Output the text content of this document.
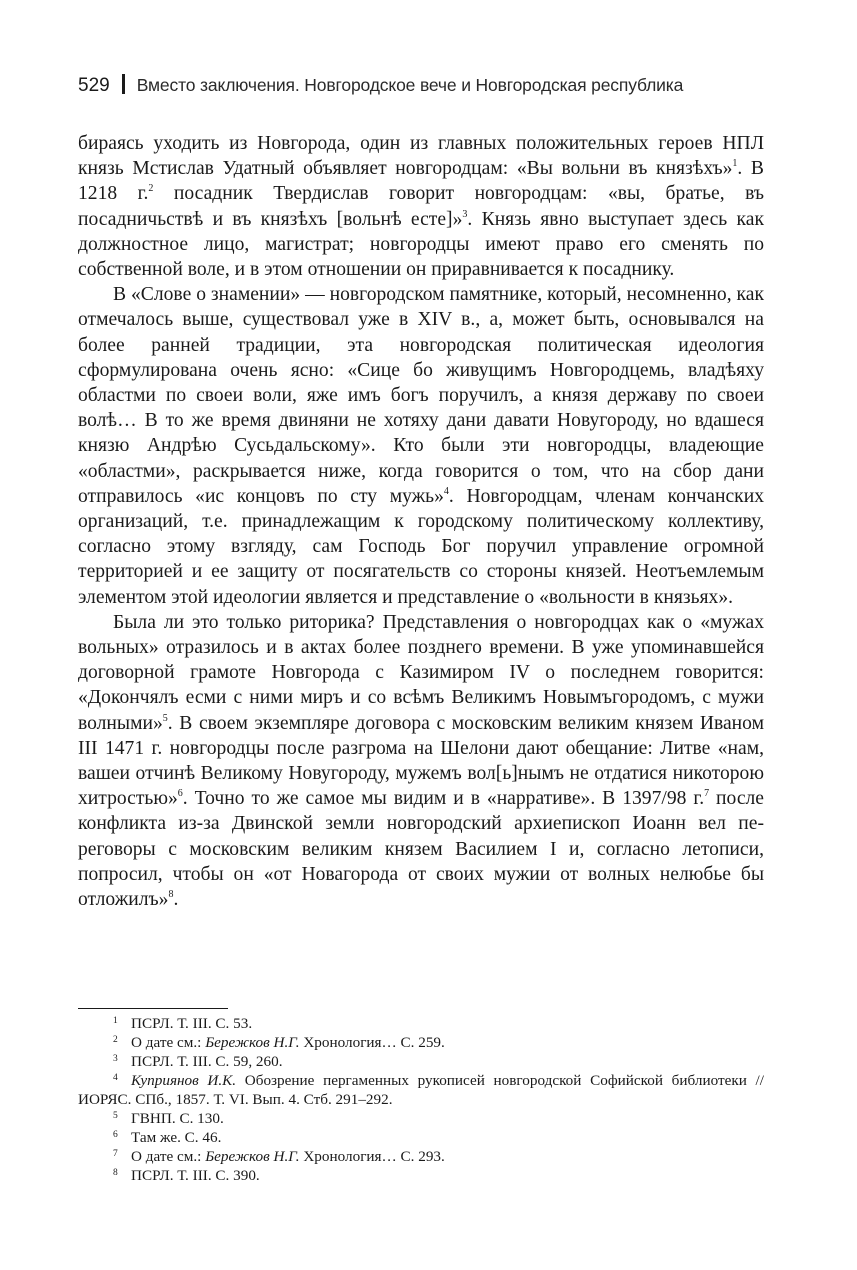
529 Вместо заключения. Новгородское вече и Новгородская республика

бираясь уходить из Новгорода, один из главных положительных героев НПЛ князь Мстислав Удатный объявляет новгородцам: «Вы вольни въ князѣхъ»$^1$. В 1218 г.$^2$ посадник Твердислав говорит новгородцам: «вы, братье, въ посадничьствѣ и въ князѣхъ [вольнѣ есте]»$^3$. Князь явно выступает здесь как должностное лицо, магистрат; новгородцы имеют право его сменять по собственной воле, и в этом отношении он приравнивается к посаднику.

В «Слове о знамении» — новгородском памятнике, который, несомненно, как отмечалось выше, существовал уже в XIV в., а, может быть, основывался на более ранней традиции, эта новгородская политическая идеология сформулирована очень ясно: «Сице бо живущимъ Новгородцемь, владѣяху областми по своеи воли, яже имъ богъ поручилъ, а князя державу по своеи волѣ… В то же время двиняни не хотяху дани давати Новугороду, но вдашеся князю Андрѣю Сусьдальскому». Кто были эти новгородцы, владеющие «областми», раскрывается ниже, когда говорится о том, что на сбор дани отправилось «ис концовъ по сту мужь»$^4$. Новгородцам, членам кончанских организаций, т.е. принадлежащим к городскому политическому коллективу, согласно этому взгляду, сам Господь Бог поручил управление огромной территорией и ее защиту от посягательств со стороны князей. Неотъемлемым элементом этой идеологии является и представление о «вольности в князьях».

Была ли это только риторика? Представления о новгородцах как о «мужах вольных» отразилось и в актах более позднего времени. В уже упоминавшейся договорной грамоте Новгорода с Казимиром IV о последнем говорится: «Докончялъ есми с ними миръ и со всѣмъ Великимъ Новымъгородомъ, с мужи волными»$^5$. В своем экземпляре договора с московским великим князем Иваном III 1471 г. новгородцы после разгрома на Шелони дают обещание: Литве «нам, вашеи отчинѣ Великому Новугороду, мужемъ вол[ь]нымъ не отдатися никоторою хитростью»$^6$. Точно то же самое мы видим и в «нарративе». В 1397/98 г.$^7$ после конфликта из-за Двинской земли новгородский архиепископ Иоанн вел переговоры с московским великим князем Василием I и, согласно летописи, попросил, чтобы он «от Новагорода от своих мужии от волных нелюбье бы отложилъ»$^8$.

1 ПСРЛ. Т. III. С. 53.

2 О дате см.: Бережков Н.Г. Хронология… С. 259.

3 ПСРЛ. Т. III. С. 59, 260.

4 Куприянов И.К. Обозрение пергаменных рукописей новгородской Софийской библиотеки // ИОРЯС. СПб., 1857. Т. VI. Вып. 4. Стб. 291–292.

5 ГВНП. С. 130.

6 Там же. С. 46.

7 О дате см.: Бережков Н.Г. Хронология… С. 293.

8 ПСРЛ. Т. III. С. 390.
